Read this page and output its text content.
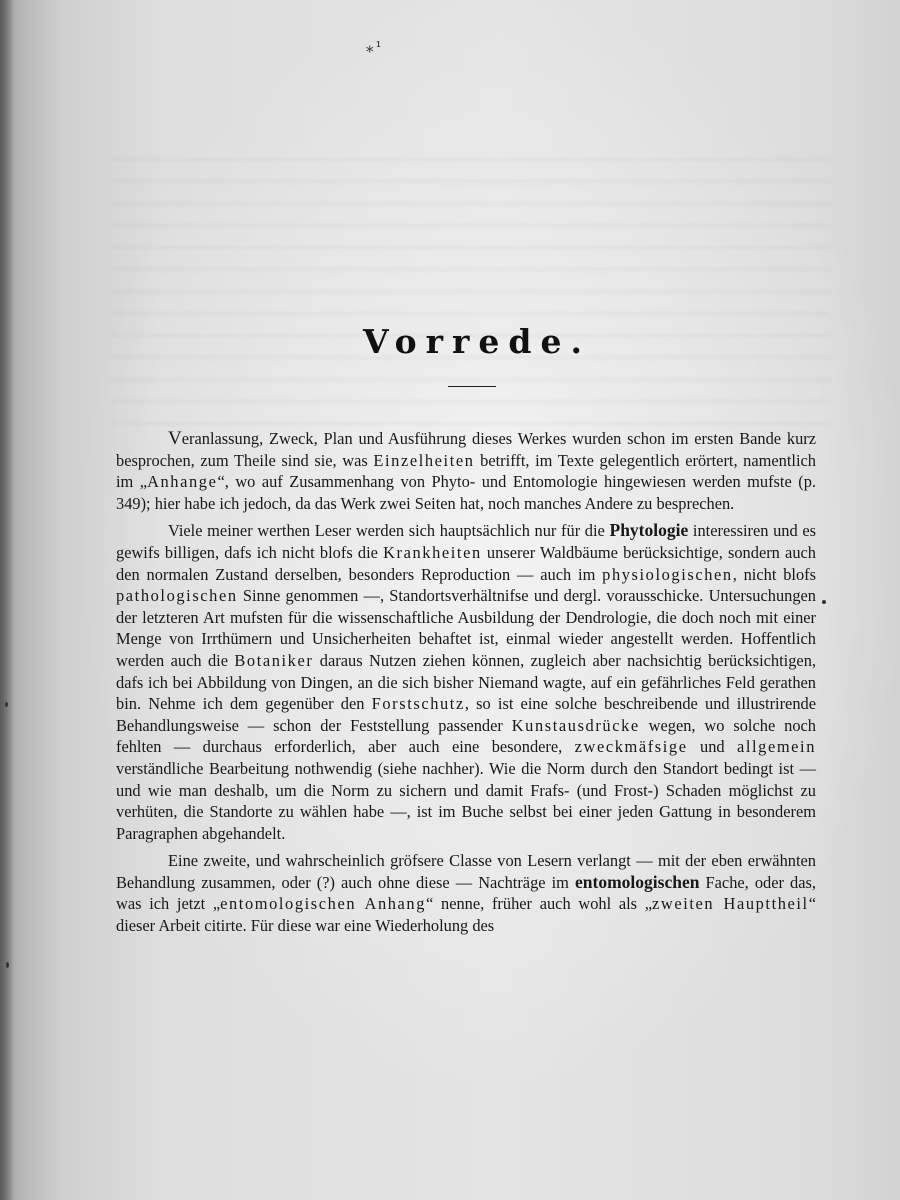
⁎¹
Vorrede.

Veranlassung, Zweck, Plan und Ausführung dieses Werkes wurden schon im ersten Bande kurz besprochen, zum Theile sind sie, was Einzelheiten betrifft, im Texte gelegentlich erörtert, namentlich im „Anhange“, wo auf Zusammenhang von Phyto- und Entomologie hingewiesen werden mufste (p. 349); hier habe ich jedoch, da das Werk zwei Seiten hat, noch manches Andere zu besprechen.

Viele meiner werthen Leser werden sich hauptsächlich nur für die Phytologie interessiren und es gewifs billigen, dafs ich nicht blofs die Krankheiten unserer Waldbäume berücksichtige, sondern auch den normalen Zustand derselben, besonders Reproduction — auch im physiologischen, nicht blofs pathologischen Sinne genommen —, Standortsverhältnifse und dergl. vorausschicke. Untersuchungen der letzteren Art mufsten für die wissenschaftliche Ausbildung der Dendrologie, die doch noch mit einer Menge von Irrthümern und Unsicherheiten behaftet ist, einmal wieder angestellt werden. Hoffentlich werden auch die Botaniker daraus Nutzen ziehen können, zugleich aber nachsichtig berücksichtigen, dafs ich bei Abbildung von Dingen, an die sich bisher Niemand wagte, auf ein gefährliches Feld gerathen bin. Nehme ich dem gegenüber den Forstschutz, so ist eine solche beschreibende und illustrirende Behandlungsweise — schon der Feststellung passender Kunstausdrücke wegen, wo solche noch fehlten — durchaus erforderlich, aber auch eine besondere, zweckmäfsige und allgemein verständliche Bearbeitung nothwendig (siehe nachher). Wie die Norm durch den Standort bedingt ist — und wie man deshalb, um die Norm zu sichern und damit Frafs- (und Frost-) Schaden möglichst zu verhüten, die Standorte zu wählen habe —, ist im Buche selbst bei einer jeden Gattung in besonderem Paragraphen abgehandelt.

Eine zweite, und wahrscheinlich gröfsere Classe von Lesern verlangt — mit der eben erwähnten Behandlung zusammen, oder (?) auch ohne diese — Nachträge im entomologischen Fache, oder das, was ich jetzt „entomologischen Anhang“ nenne, früher auch wohl als „zweiten Haupttheil“ dieser Arbeit citirte. Für diese war eine Wiederholung des
